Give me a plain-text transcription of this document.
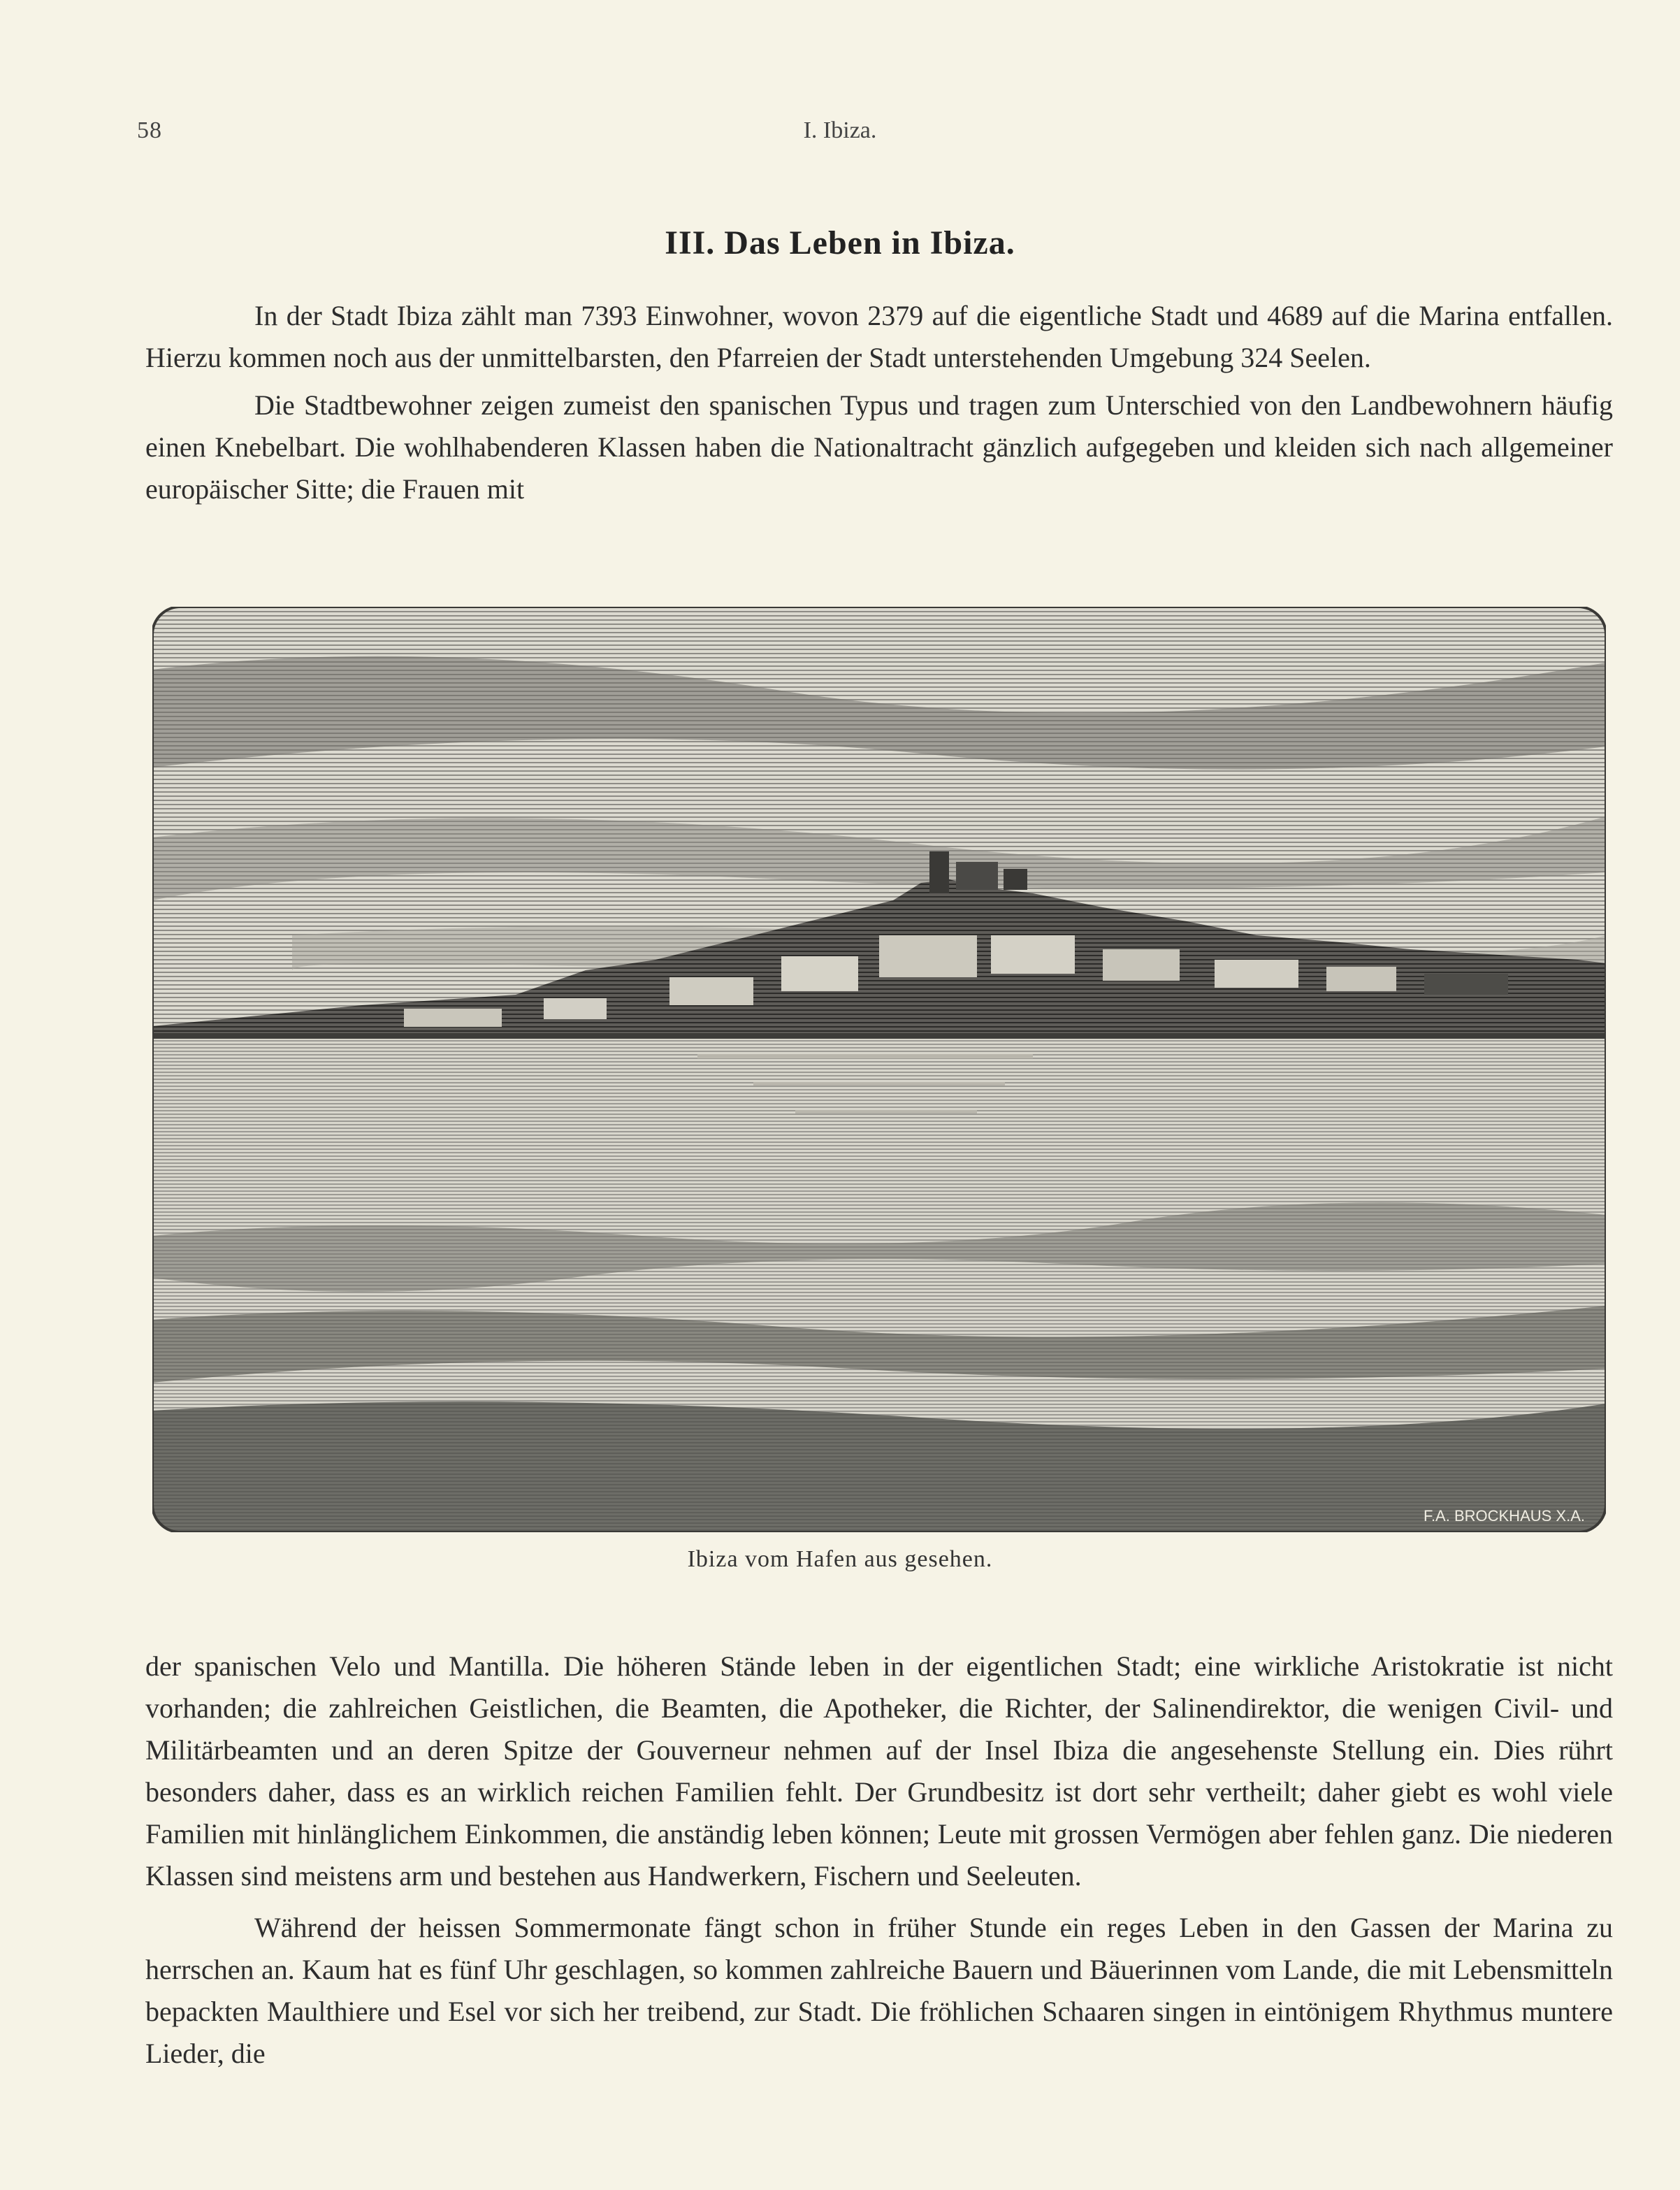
58	I. Ibiza.
III. Das Leben in Ibiza.

In der Stadt Ibiza zählt man 7393 Einwohner, wovon 2379 auf die eigentliche Stadt und 4689 auf die Marina entfallen. Hierzu kommen noch aus der unmittelbarsten, den Pfarreien der Stadt unterstehenden Umgebung 324 Seelen.

Die Stadtbewohner zeigen zumeist den spanischen Typus und tragen zum Unterschied von den Landbewohnern häufig einen Knebelbart. Die wohlhabenderen Klassen haben die Nationaltracht gänzlich aufgegeben und kleiden sich nach allgemeiner europäischer Sitte; die Frauen mit

F.A. BROCKHAUS X.A.
Ibiza vom Hafen aus gesehen.

der spanischen Velo und Mantilla. Die höheren Stände leben in der eigentlichen Stadt; eine wirkliche Aristokratie ist nicht vorhanden; die zahlreichen Geistlichen, die Beamten, die Apotheker, die Richter, der Salinendirektor, die wenigen Civil- und Militärbeamten und an deren Spitze der Gouverneur nehmen auf der Insel Ibiza die angesehenste Stellung ein. Dies rührt besonders daher, dass es an wirklich reichen Familien fehlt. Der Grundbesitz ist dort sehr vertheilt; daher giebt es wohl viele Familien mit hinlänglichem Einkommen, die anständig leben können; Leute mit grossen Vermögen aber fehlen ganz. Die niederen Klassen sind meistens arm und bestehen aus Handwerkern, Fischern und Seeleuten.

Während der heissen Sommermonate fängt schon in früher Stunde ein reges Leben in den Gassen der Marina zu herrschen an. Kaum hat es fünf Uhr geschlagen, so kommen zahlreiche Bauern und Bäuerinnen vom Lande, die mit Lebensmitteln bepackten Maulthiere und Esel vor sich her treibend, zur Stadt. Die fröhlichen Schaaren singen in eintönigem Rhythmus muntere Lieder, die
